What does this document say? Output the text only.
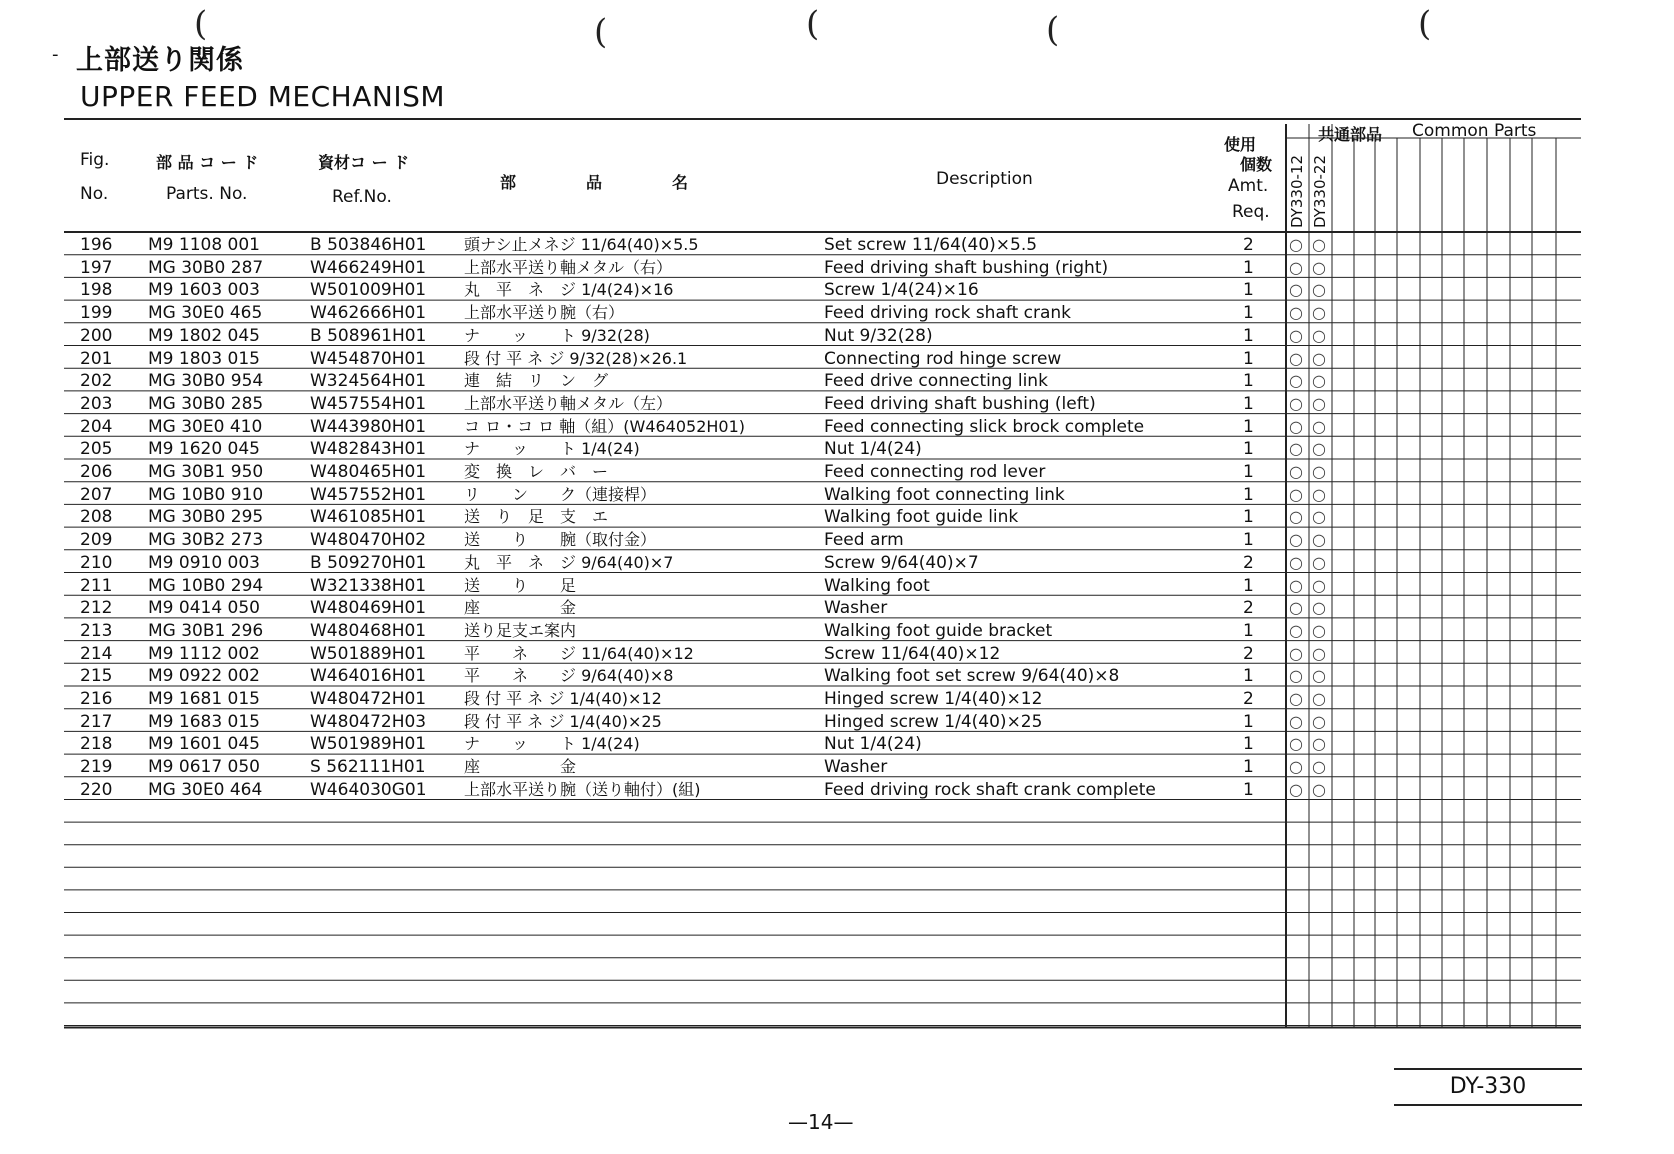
(	(	(	(	(
- 上部送り関係
UPPER FEED MECHANISM
Fig.
No.
部 品 コ ー ド
Parts. No.
資材コ ー ド
Ref.No.
部	品	名	Description
使用
個数
Amt.
Req.
共通部品 Common Parts
DY330-12 DY330-22
196 M9 1108 001	B 503846H01 頭ナシ止メネジ 11/64(40)×5.5	Set screw 11/64(40)×5.5	2 ○ ○
197 MG 30B0 287	W466249H01 上部水平送り軸メタル（右）	Feed driving shaft bushing (right)	1 ○ ○
198 M9 1603 003	W501009H01 丸　平　ネ　ジ 1/4(24)×16	Screw 1/4(24)×16	1 ○ ○
199 MG 30E0 465	W462666H01 上部水平送り腕（右）	Feed driving rock shaft crank	1 ○ ○
200 M9 1802 045	B 508961H01 ナ　　ッ　　ト 9/32(28)	Nut 9/32(28)	1 ○ ○
201 M9 1803 015	W454870H01 段 付 平 ネ ジ 9/32(28)×26.1	Connecting rod hinge screw	1 ○ ○
202 MG 30B0 954	W324564H01 連　結　リ　ン　グ	Feed drive connecting link	1 ○ ○
203 MG 30B0 285	W457554H01 上部水平送り軸メタル（左）	Feed driving shaft bushing (left)	1 ○ ○
204 MG 30E0 410	W443980H01 コ ロ・コ ロ 軸（組）(W464052H01)	Feed connecting slick brock complete	1 ○ ○
205 M9 1620 045	W482843H01 ナ　　ッ　　ト 1/4(24)	Nut 1/4(24)	1 ○ ○
206 MG 30B1 950	W480465H01 変　換　レ　バ　ー	Feed connecting rod lever	1 ○ ○
207 MG 10B0 910	W457552H01 リ　　ン　　ク（連接桿）	Walking foot connecting link	1 ○ ○
208 MG 30B0 295	W461085H01 送　り　足　支　エ	Walking foot guide link	1 ○ ○
209 MG 30B2 273	W480470H02 送　　り　　腕（取付金）	Feed arm	1 ○ ○
210 M9 0910 003	B 509270H01 丸　平　ネ　ジ 9/64(40)×7	Screw 9/64(40)×7	2 ○ ○
211 MG 10B0 294	W321338H01 送　　り　　足	Walking foot	1 ○ ○
212 M9 0414 050	W480469H01 座　　　　　金	Washer	2 ○ ○
213 MG 30B1 296	W480468H01 送り足支エ案内	Walking foot guide bracket	1 ○ ○
214 M9 1112 002	W501889H01 平　　ネ　　ジ 11/64(40)×12	Screw 11/64(40)×12	2 ○ ○
215 M9 0922 002	W464016H01 平　　ネ　　ジ 9/64(40)×8	Walking foot set screw 9/64(40)×8	1 ○ ○
216 M9 1681 015	W480472H01 段 付 平 ネ ジ 1/4(40)×12	Hinged screw 1/4(40)×12	2 ○ ○
217 M9 1683 015	W480472H03 段 付 平 ネ ジ 1/4(40)×25	Hinged screw 1/4(40)×25	1 ○ ○
218 M9 1601 045	W501989H01 ナ　　ッ　　ト 1/4(24)	Nut 1/4(24)	1 ○ ○
219 M9 0617 050	S 562111H01 座　　　　　金	Washer	1 ○ ○
220 MG 30E0 464	W464030G01 上部水平送り腕（送り軸付）(組)	Feed driving rock shaft crank complete	1 ○ ○
DY-330
—14—
